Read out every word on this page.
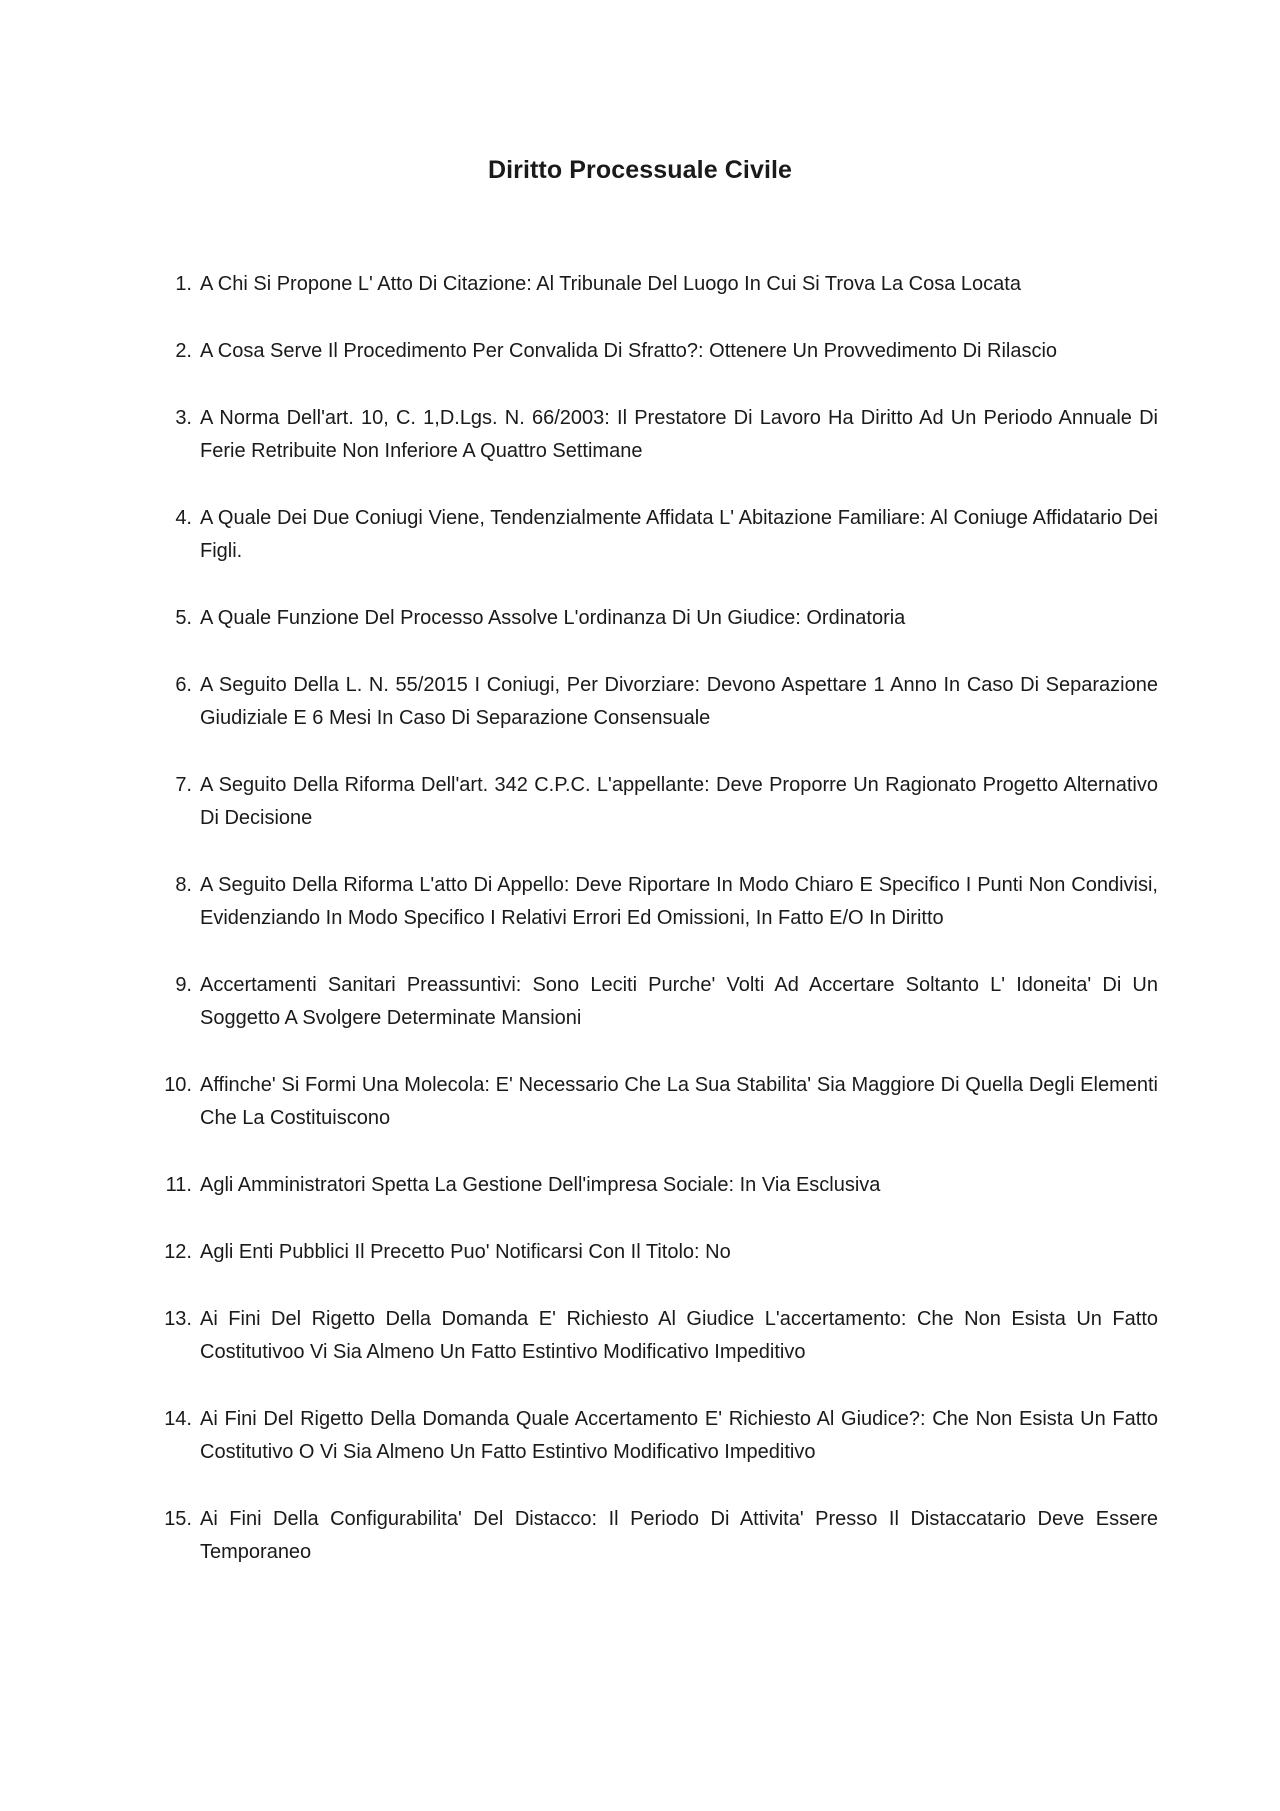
Diritto Processuale Civile
1. A Chi Si Propone L' Atto Di Citazione: Al Tribunale Del Luogo In Cui Si Trova La Cosa Locata
2. A Cosa Serve Il Procedimento Per Convalida Di Sfratto?: Ottenere Un Provvedimento Di Rilascio
3. A Norma Dell'art. 10, C. 1,D.Lgs. N. 66/2003: Il Prestatore Di Lavoro Ha Diritto Ad Un Periodo Annuale Di Ferie Retribuite Non Inferiore A Quattro Settimane
4. A Quale Dei Due Coniugi Viene, Tendenzialmente Affidata L' Abitazione Familiare: Al Coniuge Affidatario Dei Figli.
5. A Quale Funzione Del Processo Assolve L'ordinanza Di Un Giudice: Ordinatoria
6. A Seguito Della L. N. 55/2015 I Coniugi, Per Divorziare: Devono Aspettare 1 Anno In Caso Di Separazione Giudiziale E 6 Mesi In Caso Di Separazione Consensuale
7. A Seguito Della Riforma Dell'art. 342 C.P.C. L'appellante: Deve Proporre Un Ragionato Progetto Alternativo Di Decisione
8. A Seguito Della Riforma L'atto Di Appello: Deve Riportare In Modo Chiaro E Specifico I Punti Non Condivisi, Evidenziando In Modo Specifico I Relativi Errori Ed Omissioni, In Fatto E/O In Diritto
9. Accertamenti Sanitari Preassuntivi: Sono Leciti Purche' Volti Ad Accertare Soltanto L' Idoneita' Di Un Soggetto A Svolgere Determinate Mansioni
10. Affinche' Si Formi Una Molecola: E' Necessario Che La Sua Stabilita' Sia Maggiore Di Quella Degli Elementi Che La Costituiscono
11. Agli Amministratori Spetta La Gestione Dell'impresa Sociale: In Via Esclusiva
12. Agli Enti Pubblici Il Precetto Puo' Notificarsi Con Il Titolo: No
13. Ai Fini Del Rigetto Della Domanda E' Richiesto Al Giudice L'accertamento: Che Non Esista Un Fatto Costitutivoo Vi Sia Almeno Un Fatto Estintivo Modificativo Impeditivo
14. Ai Fini Del Rigetto Della Domanda Quale Accertamento E' Richiesto Al Giudice?: Che Non Esista Un Fatto Costitutivo O Vi Sia Almeno Un Fatto Estintivo Modificativo Impeditivo
15. Ai Fini Della Configurabilita' Del Distacco: Il Periodo Di Attivita' Presso Il Distaccatario Deve Essere Temporaneo
